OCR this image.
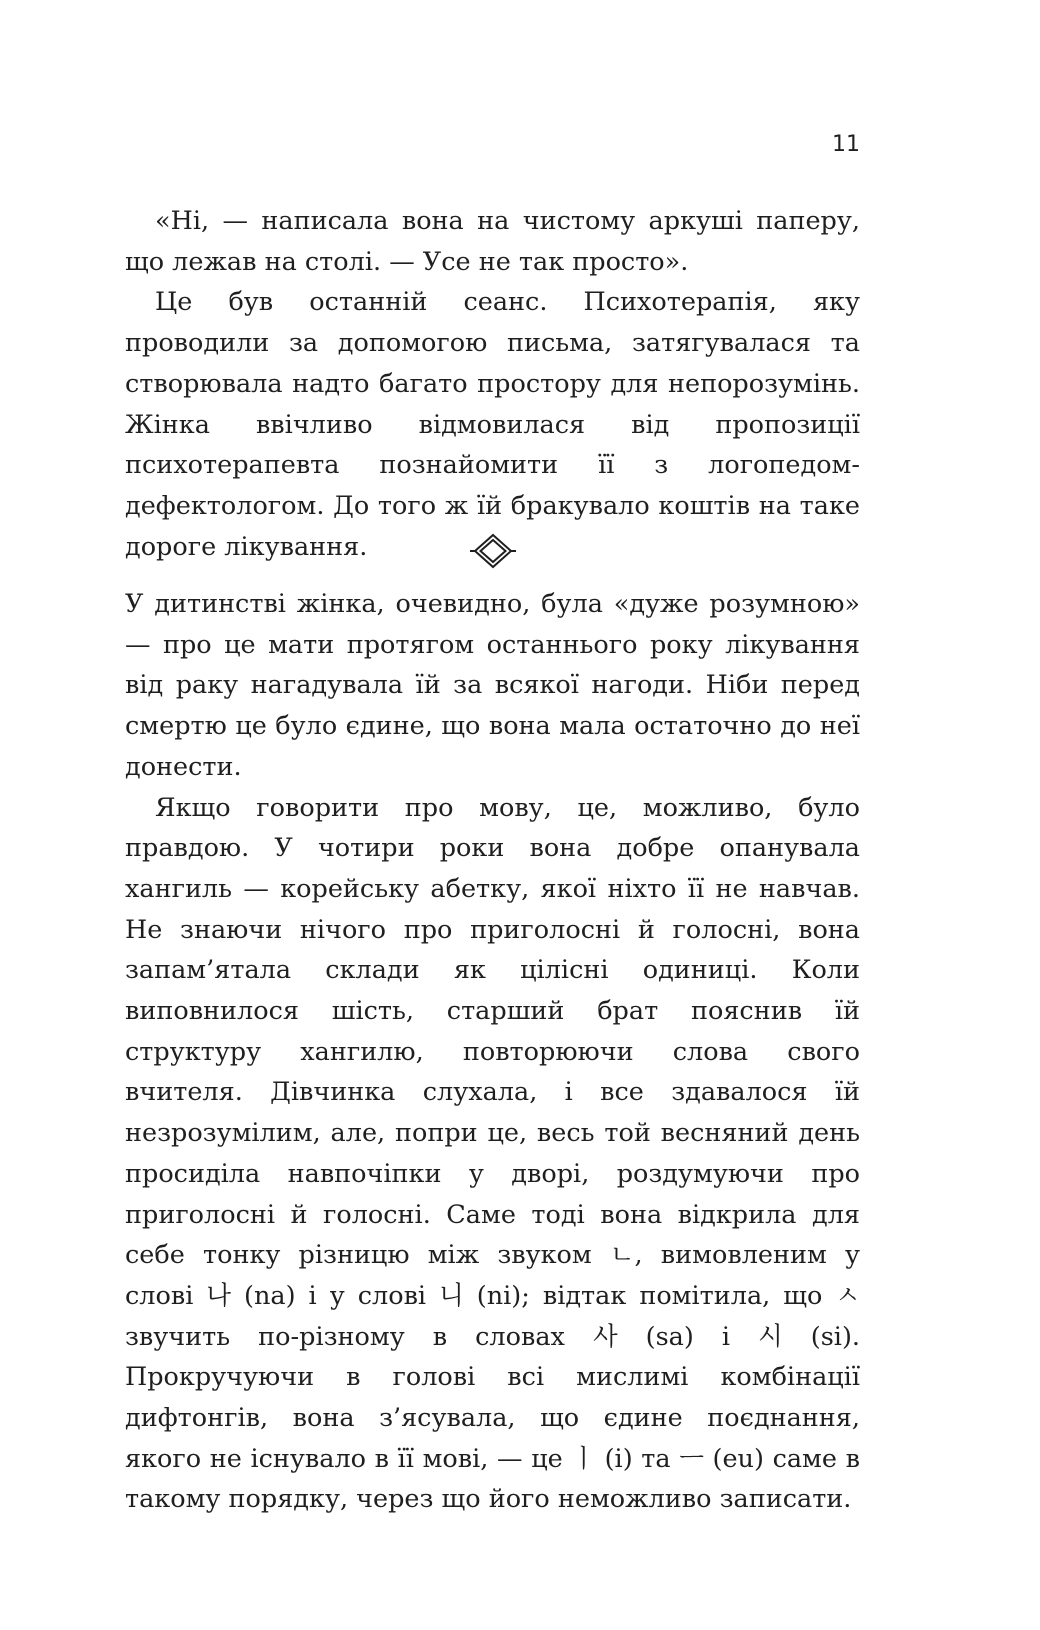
11

«Ні, — написала вона на чистому аркуші паперу, що лежав на столі. — Усе не так просто».

Це був останній сеанс. Психотерапія, яку проводили за допомогою письма, затягувалася та створювала надто багато простору для непорозумінь. Жінка ввічливо відмовилася від пропозиції психотерапевта познайомити її з логопедом-дефектологом. До того ж їй бракувало коштів на таке дороге лікування.

У дитинстві жінка, очевидно, була «дуже розумною» — про це мати протягом останнього року лікування від раку нагадувала їй за всякої нагоди. Ніби перед смертю це було єдине, що вона мала остаточно до неї донести.

Якщо говорити про мову, це, можливо, було правдою. У чотири роки вона добре опанувала хангиль — корейську абетку, якої ніхто її не навчав. Не знаючи нічого про приголосні й голосні, вона запам’ятала склади як цілісні одиниці. Коли виповнилося шість, старший брат пояснив їй структуру хангилю, повторюючи слова свого вчителя. Дівчинка слухала, і все здавалося їй незрозумілим, але, попри це, весь той весняний день просиділа навпочіпки у дворі, роздумуючи про приголосні й голосні. Саме тоді вона відкрила для себе тонку різницю між звуком ㄴ, вимовленим у слові 나 (na) і у слові 니 (ni); відтак помітила, що ㅅ звучить по-різному в словах 사 (sa) і 시 (si). Прокручуючи в голові всі мислимі комбінації дифтонгів, вона з’ясувала, що єдине поєднання, якого не існувало в її мові, — це ㅣ (i) та ㅡ (eu) саме в такому порядку, через що його неможливо записати.
